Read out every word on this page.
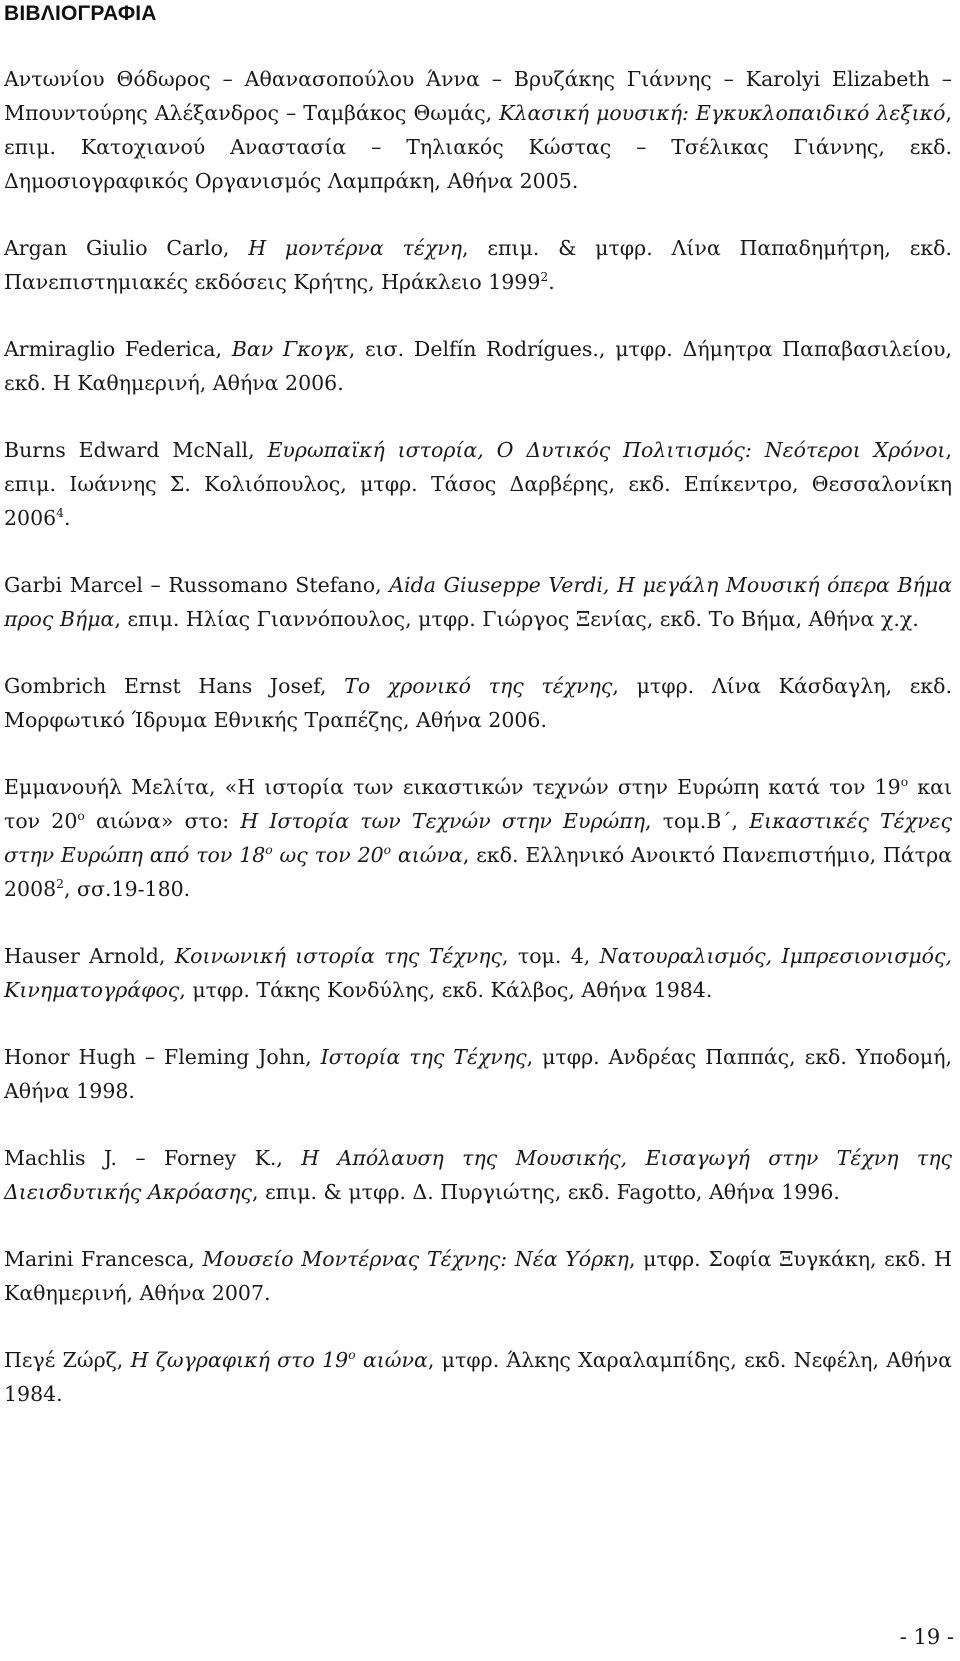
ΒΙΒΛΙΟΓΡΑΦΙΑ
Αντωνίου Θόδωρος – Αθανασοπούλου Άννα – Βρυζάκης Γιάννης – Karolyi Elizabeth – Μπουντούρης Αλέξανδρος – Ταμβάκος Θωμάς, Κλασική μουσική: Εγκυκλοπαιδικό λεξικό, επιμ. Κατοχιανού Αναστασία – Τηλιακός Κώστας – Τσέλικας Γιάννης, εκδ. Δημοσιογραφικός Οργανισμός Λαμπράκη, Αθήνα 2005.
Argan Giulio Carlo, Η μοντέρνα τέχνη, επιμ. & μτφρ. Λίνα Παπαδημήτρη, εκδ. Πανεπιστημιακές εκδόσεις Κρήτης, Ηράκλειο 1999$^2$.
Armiraglio Federica, Βαν Γκογκ, εισ. Delfín Rodrígues., μτφρ. Δήμητρα Παπαβασιλείου, εκδ. Η Καθημερινή, Αθήνα 2006.
Burns Edward McNall, Ευρωπαϊκή ιστορία, Ο Δυτικός Πολιτισμός: Νεότεροι Χρόνοι, επιμ. Ιωάννης Σ. Κολιόπουλος, μτφρ. Τάσος Δαρβέρης, εκδ. Επίκεντρο, Θεσσαλονίκη 2006$^4$.
Garbi Marcel – Russomano Stefano, Aida Giuseppe Verdi, Η μεγάλη Μουσική όπερα Βήμα προς Βήμα, επιμ. Ηλίας Γιαννόπουλος, μτφρ. Γιώργος Ξενίας, εκδ. Το Βήμα, Αθήνα χ.χ.
Gombrich Ernst Hans Josef, Το χρονικό της τέχνης, μτφρ. Λίνα Κάσδαγλη, εκδ. Μορφωτικό Ίδρυμα Εθνικής Τραπέζης, Αθήνα 2006.
Εμμανουήλ Μελίτα, «Η ιστορία των εικαστικών τεχνών στην Ευρώπη κατά τον $19^o$ και τον $20^o$ αιώνα» στο: Η Ιστορία των Τεχνών στην Ευρώπη, τομ.Β΄, Εικαστικές Τέχνες στην Ευρώπη από τον $18^o$ ως τον $20^o$ αιώνα, εκδ. Ελληνικό Ανοικτό Πανεπιστήμιο, Πάτρα 2008$^2$, σσ.19-180.
Hauser Arnold, Κοινωνική ιστορία της Τέχνης, τομ. 4, Νατουραλισμός, Ιμπρεσιονισμός, Κινηματογράφος, μτφρ. Τάκης Κονδύλης, εκδ. Κάλβος, Αθήνα 1984.
Honor Hugh – Fleming John, Ιστορία της Τέχνης, μτφρ. Ανδρέας Παππάς, εκδ. Υποδομή, Αθήνα 1998.
Machlis J. – Forney K., Η Απόλαυση της Μουσικής, Εισαγωγή στην Τέχνη της Διεισδυτικής Ακρόασης, επιμ. & μτφρ. Δ. Πυργιώτης, εκδ. Fagotto, Αθήνα 1996.
Marini Francesca, Μουσείο Μοντέρνας Τέχνης: Νέα Υόρκη, μτφρ. Σοφία Ξυγκάκη, εκδ. Η Καθημερινή, Αθήνα 2007.
Πεγέ Ζώρζ, Η ζωγραφική στο $19^o$ αιώνα, μτφρ. Άλκης Χαραλαμπίδης, εκδ. Νεφέλη, Αθήνα 1984.
- 19 -
